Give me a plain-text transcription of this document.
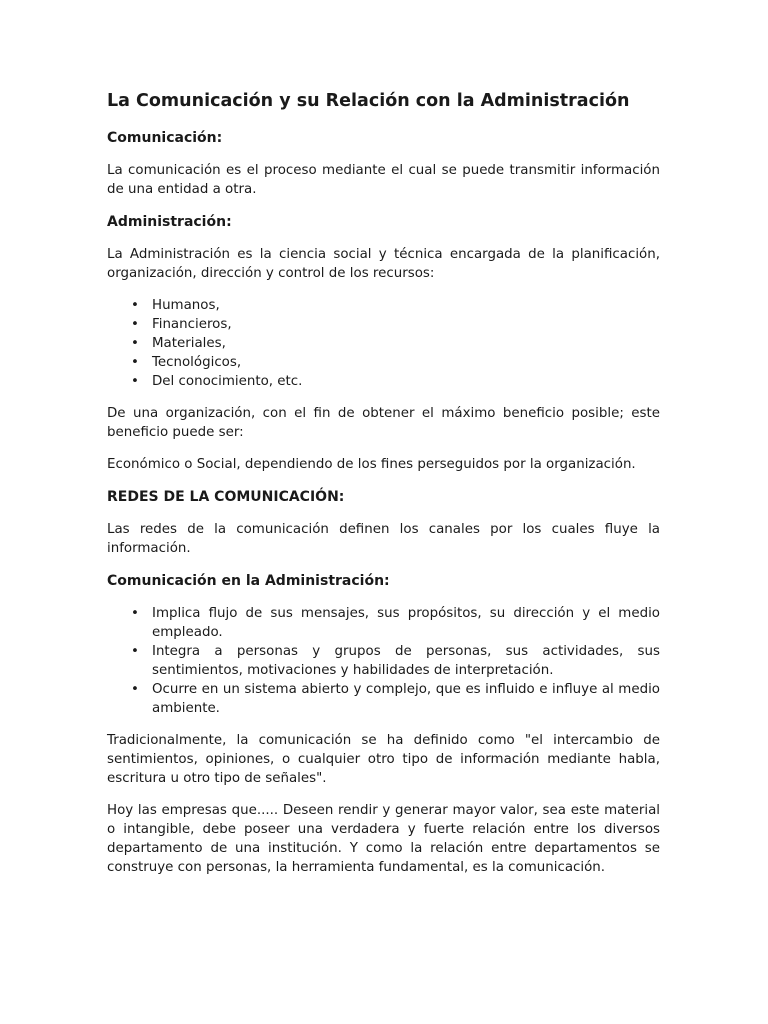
La Comunicación y su Relación con la Administración
Comunicación:

La comunicación es el proceso mediante el cual se puede transmitir información de una entidad a otra.

Administración:

La Administración es la ciencia social y técnica encargada de la planificación, organización, dirección y control de los recursos:

• Humanos,
• Financieros,
• Materiales,
• Tecnológicos,
• Del conocimiento, etc.

De una organización, con el fin de obtener el máximo beneficio posible; este beneficio puede ser:

Económico o Social, dependiendo de los fines perseguidos por la organización.

REDES DE LA COMUNICACIÓN:

Las redes de la comunicación definen los canales por los cuales fluye la información.

Comunicación en la Administración:
• Implica flujo de sus mensajes, sus propósitos, su dirección y el medio empleado.
• Integra a personas y grupos de personas, sus actividades, sus sentimientos, motivaciones y habilidades de interpretación.
• Ocurre en un sistema abierto y complejo, que es influido e influye al medio ambiente.

Tradicionalmente, la comunicación se ha definido como "el intercambio de sentimientos, opiniones, o cualquier otro tipo de información mediante habla, escritura u otro tipo de señales".

Hoy las empresas que..... Deseen rendir y generar mayor valor, sea este material o intangible, debe poseer una verdadera y fuerte relación entre los diversos departamento de una institución. Y como la relación entre departamentos se construye con personas, la herramienta fundamental, es la comunicación.
